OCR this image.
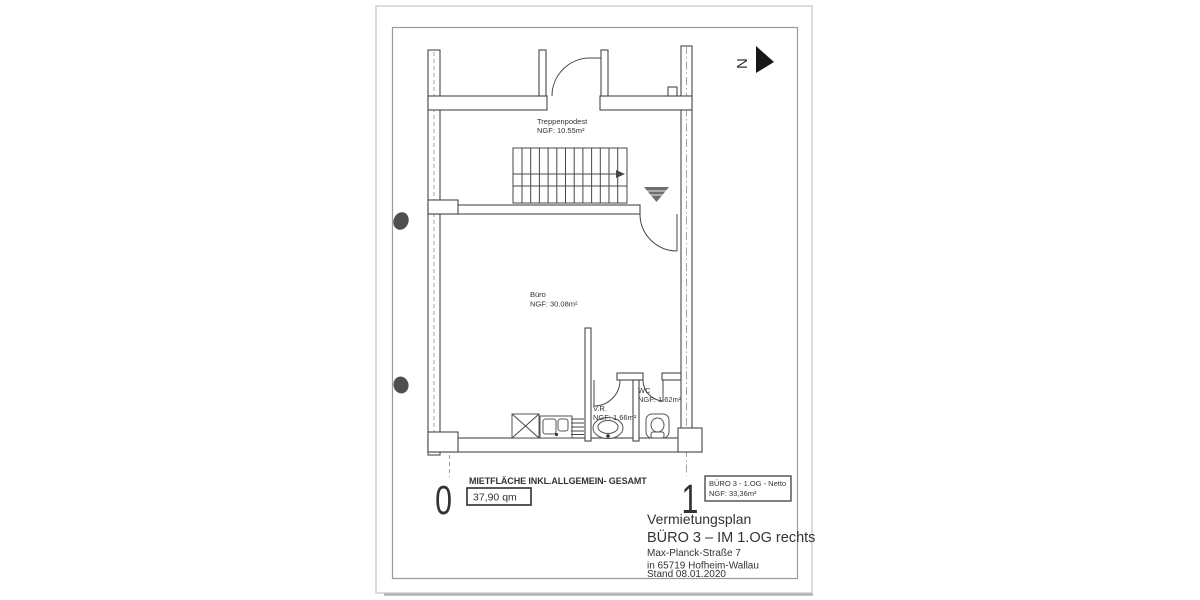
N
Treppenpodest
NGF: 10.55m²
Büro
NGF: 30.08m²
V.R.
NGF: 1.66m²
WC
NGF: 1.62m²
0	1
MIETFLÄCHE INKL.ALLGEMEIN- GESAMT
37,90 qm
BÜRO 3 - 1.OG - Netto
NGF: 33,36m²
Vermietungsplan
BÜRO 3 – IM 1.OG rechts
Max-Planck-Straße 7
in 65719 Hofheim-Wallau
Stand 08.01.2020
